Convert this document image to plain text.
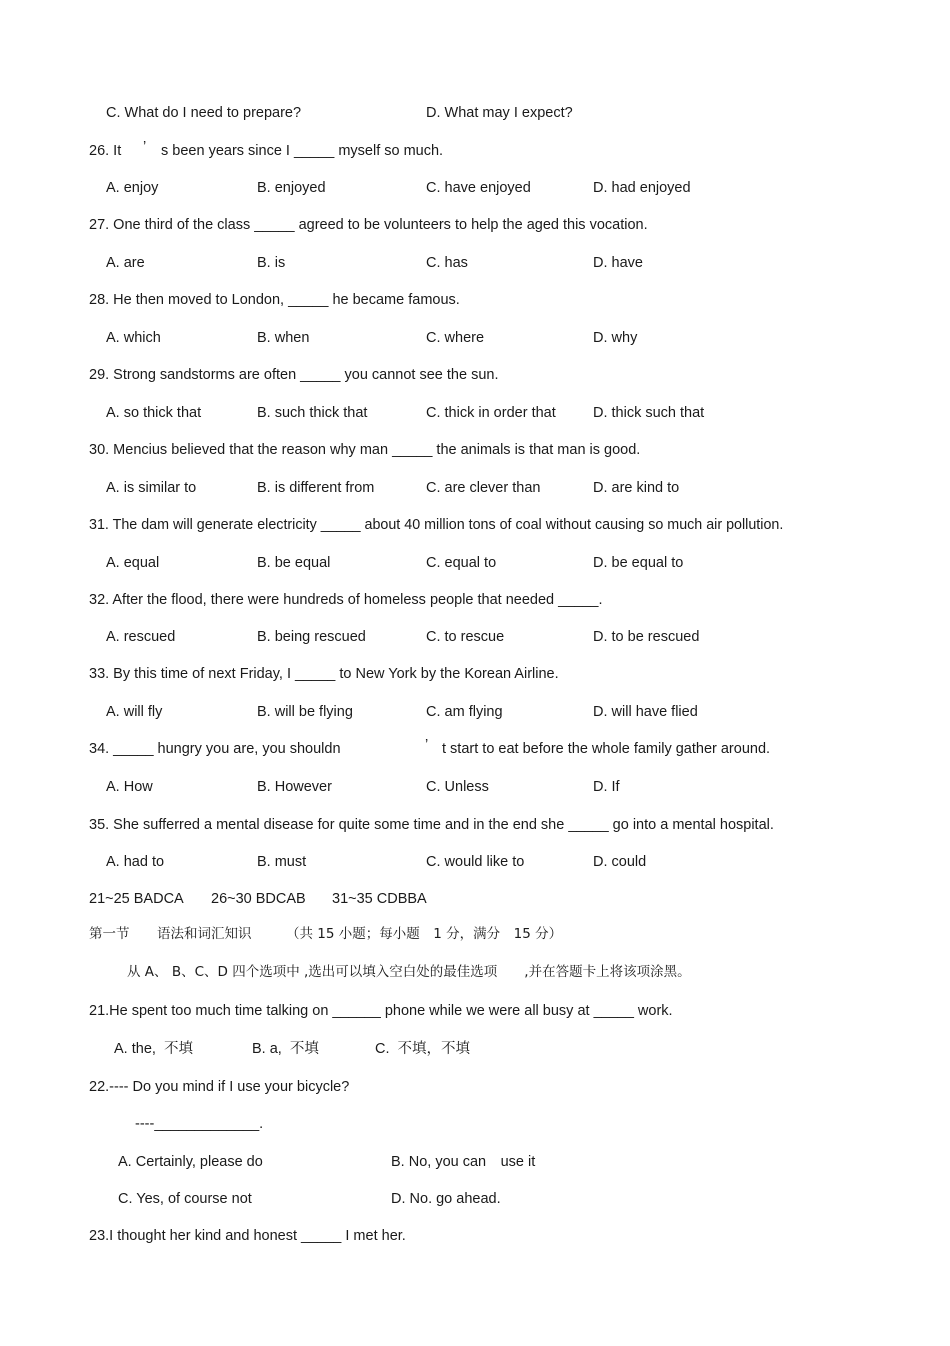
C. What do I need to prepare?	D. What may I expect?
26. It ’ s been years since I _____ myself so much.
A. enjoy	B. enjoyed	C. have enjoyed	D. had enjoyed
27. One third of the class _____ agreed to be volunteers to help the aged this vocation.
A. are	B. is	C. has	D. have
28. He then moved to London, _____ he became famous.
A. which	B. when	C. where	D. why
29. Strong sandstorms are often _____ you cannot see the sun.
A. so thick that	B. such thick that	C. thick in order that	D. thick such that
30. Mencius believed that the reason why man _____ the animals is that man is good.
A. is similar to	B. is different from	C. are clever than	D. are kind to
31. The dam will generate electricity _____ about 40 million tons of coal without causing so much air pollution.
A. equal	B. be equal	C. equal to	D. be equal to
32. After the flood, there were hundreds of homeless people that needed _____.
A. rescued	B. being rescued	C. to rescue	D. to be rescued
33. By this time of next Friday, I _____ to New York by the Korean Airline.
A. will fly	B. will be flying	C. am flying	D. will have flied
34. _____ hungry you are, you shouldn	’ t start to eat before the whole family gather around.
A. How	B. However	C. Unless	D. If
35. She sufferred a mental disease for quite some time and in the end she _____ go into a mental hospital.
A. had to	B. must	C. would like to	D. could
21~25 BADCA 26~30 BDCAB 31~35 CDBBA
第一节 语法和词汇知识	（共 15 小题；每小题　1 分，满分　15 分）
从 A、 B、C、D 四个选项中 ,选出可以填入空白处的最佳选项　　,并在答题卡上将该项涂黑。
21.He spent too much time talking on ______ phone while we were all busy at _____ work.
A. the,  不填	B. a,  不填	C.  不填，不填
22.---- Do you mind if I use your bicycle?
----_____________.
A. Certainly, please do	B. No, you can　use it
C. Yes, of course not	D. No. go ahead.
23.I thought her kind and honest _____ I met her.
